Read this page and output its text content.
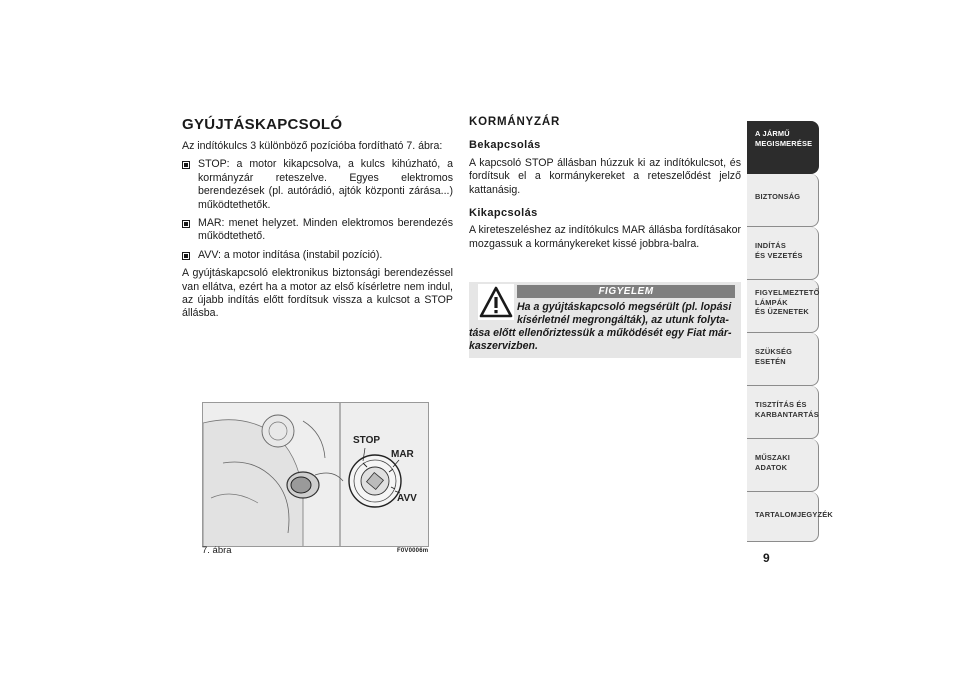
GYÚJTÁSKAPCSOLÓ

Az indítókulcs 3 különböző pozícióba fordítható 7. ábra:

STOP: a motor kikapcsolva, a kulcs kihúzható, a kormányzár reteszelve. Egyes elektromos berendezések (pl. autórádió, ajtók központi zárása...) működtethetők.
MAR: menet helyzet. Minden elektromos berendezés működtethető.
AVV: a motor indítása (instabil pozíció).

A gyújtáskapcsoló elektronikus biztonsági berendezéssel van ellátva, ezért ha a motor az első kísérletre nem indul, az újabb indítás előtt fordítsuk vissza a kulcsot a STOP állásba.

KORMÁNYZÁR
Bekapcsolás

A kapcsoló STOP állásban húzzuk ki az indítókulcsot, és fordítsuk el a kormánykereket a reteszelődést jelző kattanásig.

Kikapcsolás

A kireteszeléshez az indítókulcs MAR állásba fordításakor mozgassuk a kormánykereket kissé jobbra-balra.

FIGYELEM
Ha a gyújtáskapcsoló megsérült (pl. lopási
kísérletnél megrongálták), az utunk folyta-
tása előtt ellenőriztessük a működését egy Fiat már-
kaszervizben.
STOP
MAR
AVV
7. ábra	F0V0006m
A JÁRMŰ
MEGISMERÉSE
BIZTONSÁG
INDÍTÁS
ÉS VEZETÉS
FIGYELMEZTETŐ
LÁMPÁK
ÉS ÜZENETEK
SZÜKSÉG
ESETÉN
TISZTÍTÁS ÉS
KARBANTARTÁS
MŰSZAKI
ADATOK
TARTALOMJEGYZÉK
9
